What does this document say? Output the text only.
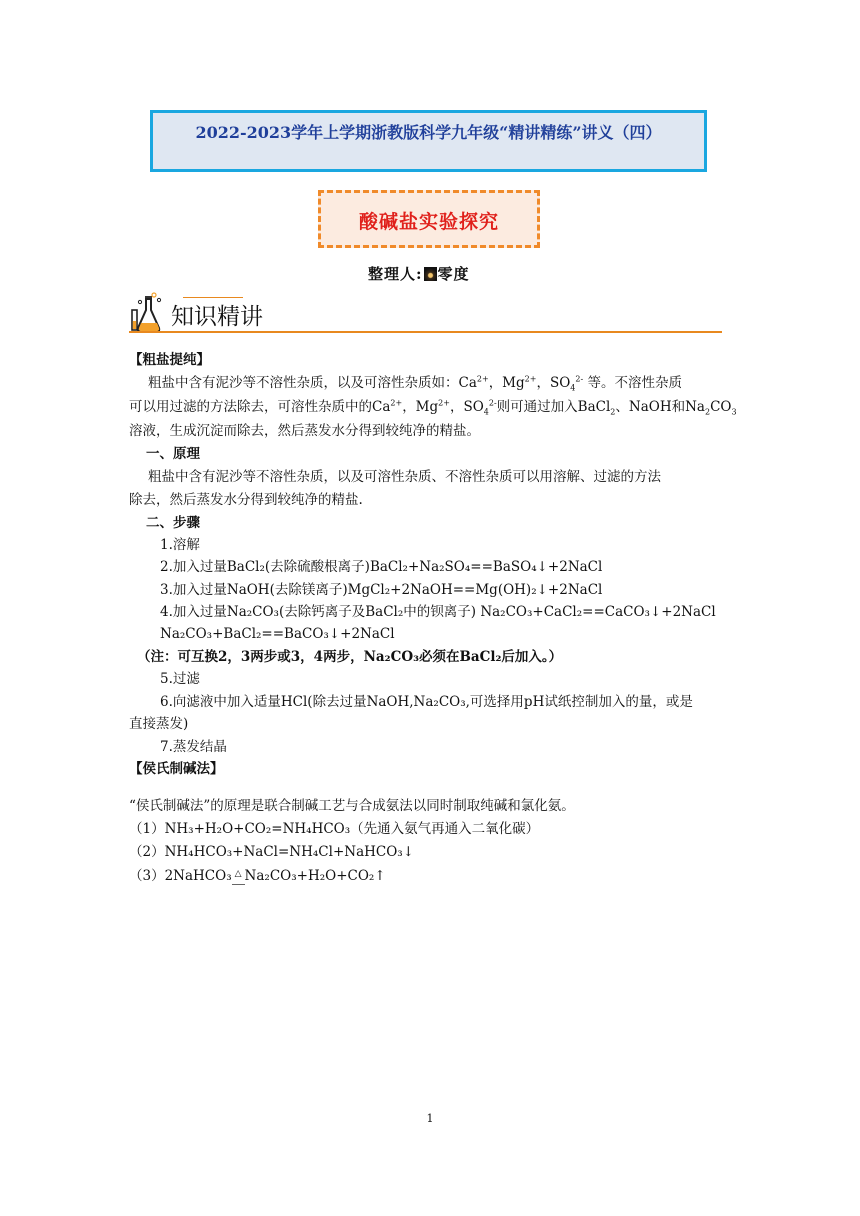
2022-2023学年上学期浙教版科学九年级“精讲精练”讲义（四）
酸碱盐实验探究
整理人: 零度
知识精讲
【粗盐提纯】
粗盐中含有泥沙等不溶性杂质，以及可溶性杂质如：$Ca^{2+}$，$Mg^{2+}$，$SO_4^{2-}$ 等。不溶性杂质
可以用过滤的方法除去，可溶性杂质中的$Ca^{2+}$，$Mg^{2+}$，$SO_4^{2-}$则可通过加入BaCl$_2$、NaOH和$Na_2CO_3$
溶液，生成沉淀而除去，然后蒸发水分得到较纯净的精盐。
一、原理
粗盐中含有泥沙等不溶性杂质，以及可溶性杂质、不溶性杂质可以用溶解、过滤的方法
除去，然后蒸发水分得到较纯净的精盐.
二、步骤
1.溶解
2.加入过量BaCl₂(去除硫酸根离子)BaCl₂+Na₂SO₄==BaSO₄↓+2NaCl
3.加入过量NaOH(去除镁离子)MgCl₂+2NaOH==Mg(OH)₂↓+2NaCl
4.加入过量Na₂CO₃(去除钙离子及BaCl₂中的钡离子) Na₂CO₃+CaCl₂==CaCO₃↓+2NaCl
Na₂CO₃+BaCl₂==BaCO₃↓+2NaCl
（注：可互换2，3两步或3，4两步，Na₂CO₃必须在BaCl₂后加入。）
5.过滤
6.向滤液中加入适量HCl(除去过量NaOH,Na₂CO₃,可选择用pH试纸控制加入的量，或是
直接蒸发)
7.蒸发结晶
【侯氏制碱法】
“侯氏制碱法”的原理是联合制碱工艺与合成氨法以同时制取纯碱和氯化氨。
（1）NH₃+H₂O+CO₂=NH₄HCO₃（先通入氨气再通入二氧化碳）
（2）NH₄HCO₃+NaCl=NH₄Cl+NaHCO₃↓
（3）2NaHCO₃ △ Na₂CO₃+H₂O+CO₂↑
1
